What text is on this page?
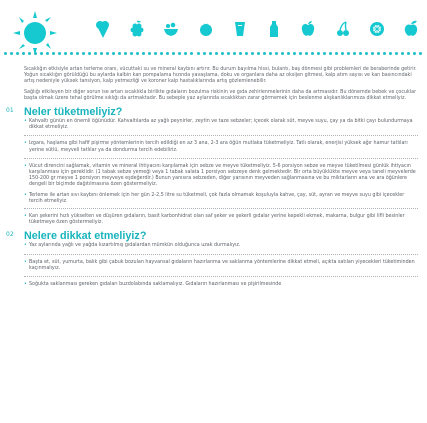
Sıcaklığın etkisiyle artan terleme oranı, vücuttaki su ve mineral kaybını artırır. Bu durum bayılma hissi, bulantı, baş dönmesi gibi problemleri de beraberinde getirir. Yoğun sıcaklığın görüldüğü bu aylarda kalbin kan pompalama hızında yavaşlama, doku ve organlara daha az oksijen gitmesi, kalp atım sayısı ve kan basıncındaki artış nedeniyle yüksek tansiyon, kalp yetmezliği ve koroner kalp hastalıklarında artış gözlemlenebilir.

Sağlığı etkileyen bir diğer sorun ise artan sıcaklıkla birlikte gıdaların bozulma riskinin ve gıda zehirlenmelerinin daha da artmasıdır. Bu dönemde bebek ve çocuklar başta olmak üzere tehal görülme sıklığı da artmaktadır. Bu sebeple yaz aylarında sıcaklıktan zarar görmemek için beslenme alışkanlıklarımıza dikkat etmeliyiz.

01 Neler tüketmeliyiz?
• Kahvaltı günün en önemli öğünüdür. Kahvaltılarda az yağlı peynirler, zeytin ve taze sebzeler; içecek olarak süt, meyve suyu, çay ya da bitki çayı bulundurmaya dikkat etmeliyiz.
• Izgara, haşlama gibi hafif pişirme yöntemlerinin tercih edildiği en az 3 ana, 2-3 ara öğün mutlaka tüketmeliyiz. Tatlı olarak, enerjisi yüksek ağır hamur tatlıları yerine sütlü, meyveli tatlılar ya da dondurma tercih edebiliriz.
• Vücut direncini sağlamak, vitamin ve mineral ihtiyacını karşılamak için sebze ve meyve tüketmeliyiz. 5-6 porsiyon sebze ve meyve tüketilmesi günlük ihtiyacın karşılanması için gereklidir. (1 tabak sebze yemeği veya 1 tabak salata 1 porsiyon sebzeye denk gelmektedir. Bir orta büyüklükte meyve veya taneli meyvelerde 150-200 gr meyve 1 porsiyon meyveye eşdeğerdir.) Bunun yanısıra sebzeden, diğer yarısının meyveden sağlanmasına ve bu miktarların ana ve ara öğünlere dengeli bir biçimde dağıtılmasına özen göstermeliyiz.
• Terleme ile artan sıvı kaybını önlemek için her gün 2-2,5 litre su tüketmeli, çok fazla olmamak koşuluyla kahve, çay, süt, ayran ve meyve suyu gibi içecekler tercih etmeliyiz.
• Kan şekerini hızlı yükselten ve düşüren gıdaların, basit karbonhidrat olan saf şeker ve şekerli gıdalar yerine kepekli ekmek, makarna, bulgur gibi lifli besinler tüketmeye özen göstermeliyiz.
02 Nelere dikkat etmeliyiz?
• Yaz aylarında yağlı ve yağda kızartılmış gıdalardan mümkün olduğunca uzak durmalıyız.
• Başta et, süt, yumurta, balık gibi çabuk bozulan hayvansal gıdaların hazırlanma ve saklanma yöntemlerine dikkat etmeli, açıkta satılan yiyecekleri tüketiminden kaçınmalıyız.
• Soğukta saklanması gereken gıdaları buzdolabında saklamalıyız. Gıdaların hazırlanması ve pişirilmesinde
